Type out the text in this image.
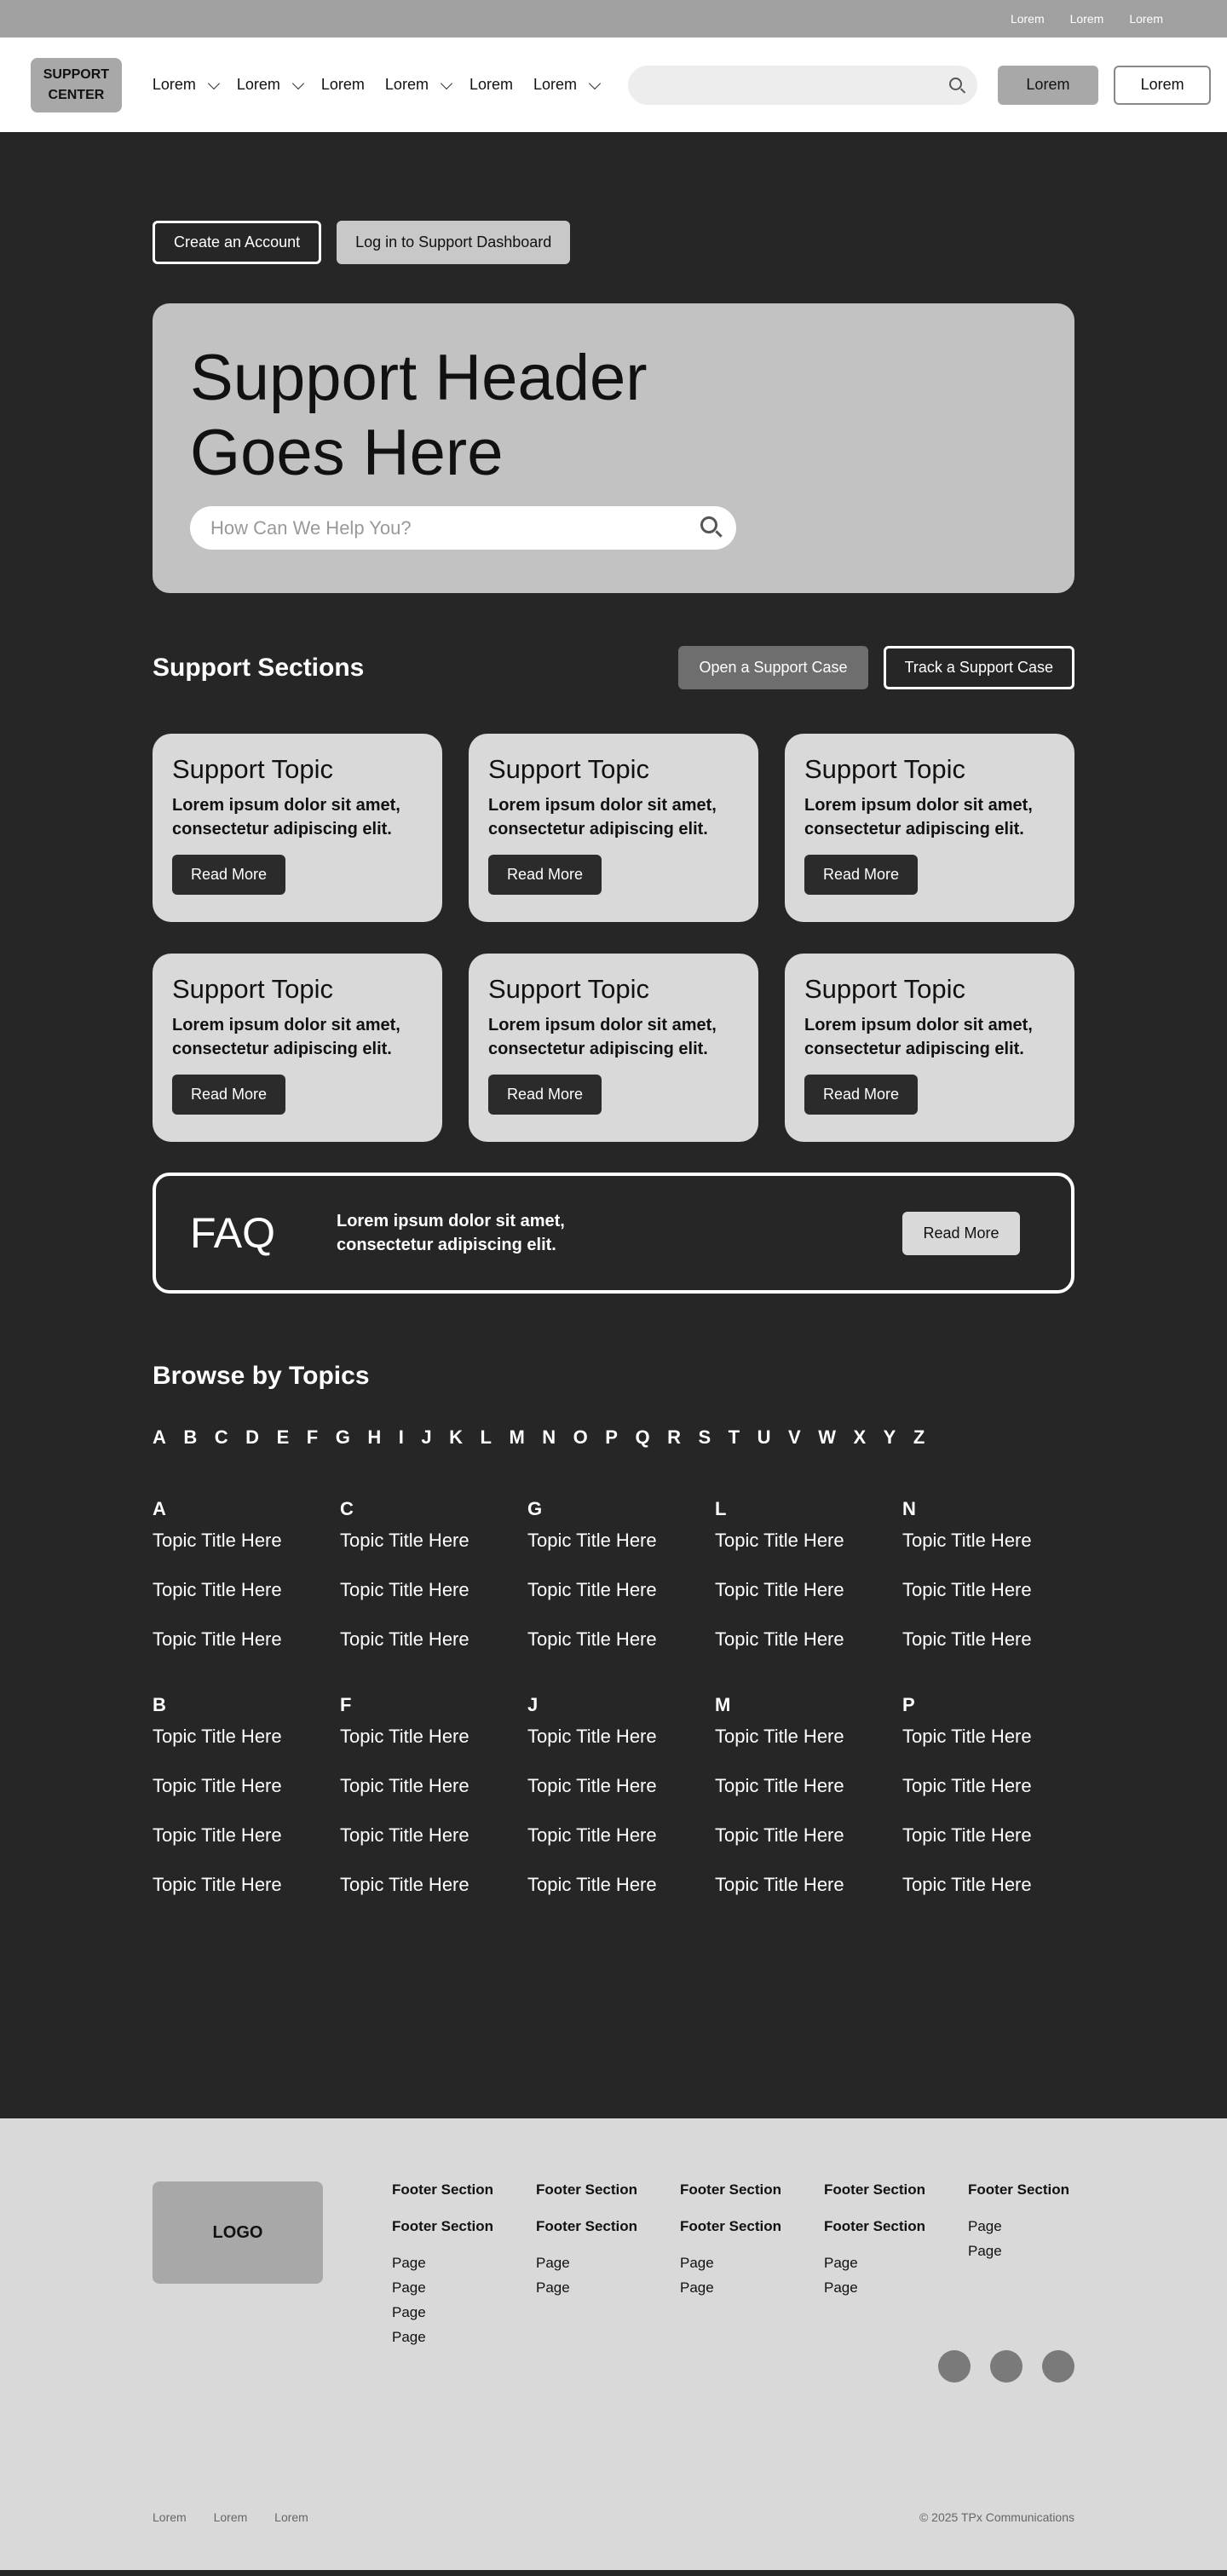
Lorem Lorem Lorem
SUPPORT CENTER
Lorem	Lorem	Lorem Lorem	Lorem Lorem	Lorem	Lorem
Create an Account	Log in to Support Dashboard
Support Header Goes Here
How Can We Help You?
Support Sections	Open a Support Case	Track a Support Case
Support Topic

Lorem ipsum dolor sit amet, consectetur adipiscing elit.

Read More
Support Topic

Lorem ipsum dolor sit amet, consectetur adipiscing elit.

Read More
Support Topic

Lorem ipsum dolor sit amet, consectetur adipiscing elit.

Read More
Support Topic

Lorem ipsum dolor sit amet, consectetur adipiscing elit.

Read More
Support Topic

Lorem ipsum dolor sit amet, consectetur adipiscing elit.

Read More
Support Topic

Lorem ipsum dolor sit amet, consectetur adipiscing elit.

Read More
FAQ	Lorem ipsum dolor sit amet, consectetur adipiscing elit.
Read More
Browse by Topics
A B C D E F G H I J K L M N O P Q R S T U V W X Y Z
A
Topic Title Here
Topic Title Here
Topic Title Here
B
Topic Title Here
Topic Title Here
Topic Title Here
Topic Title Here
C
Topic Title Here
Topic Title Here
Topic Title Here
F
Topic Title Here
Topic Title Here
Topic Title Here
Topic Title Here
G
Topic Title Here
Topic Title Here
Topic Title Here
J
Topic Title Here
Topic Title Here
Topic Title Here
Topic Title Here
L
Topic Title Here
Topic Title Here
Topic Title Here
M
Topic Title Here
Topic Title Here
Topic Title Here
Topic Title Here
N
Topic Title Here
Topic Title Here
Topic Title Here
P
Topic Title Here
Topic Title Here
Topic Title Here
Topic Title Here
LOGO
Footer Section
Footer Section
Page
Page
Page
Page
Footer Section
Footer Section
Page
Page
Footer Section
Footer Section
Page
Page
Footer Section
Footer Section
Page
Page
Footer Section
Page
Page
Lorem Lorem Lorem	© 2025 TPx Communications
